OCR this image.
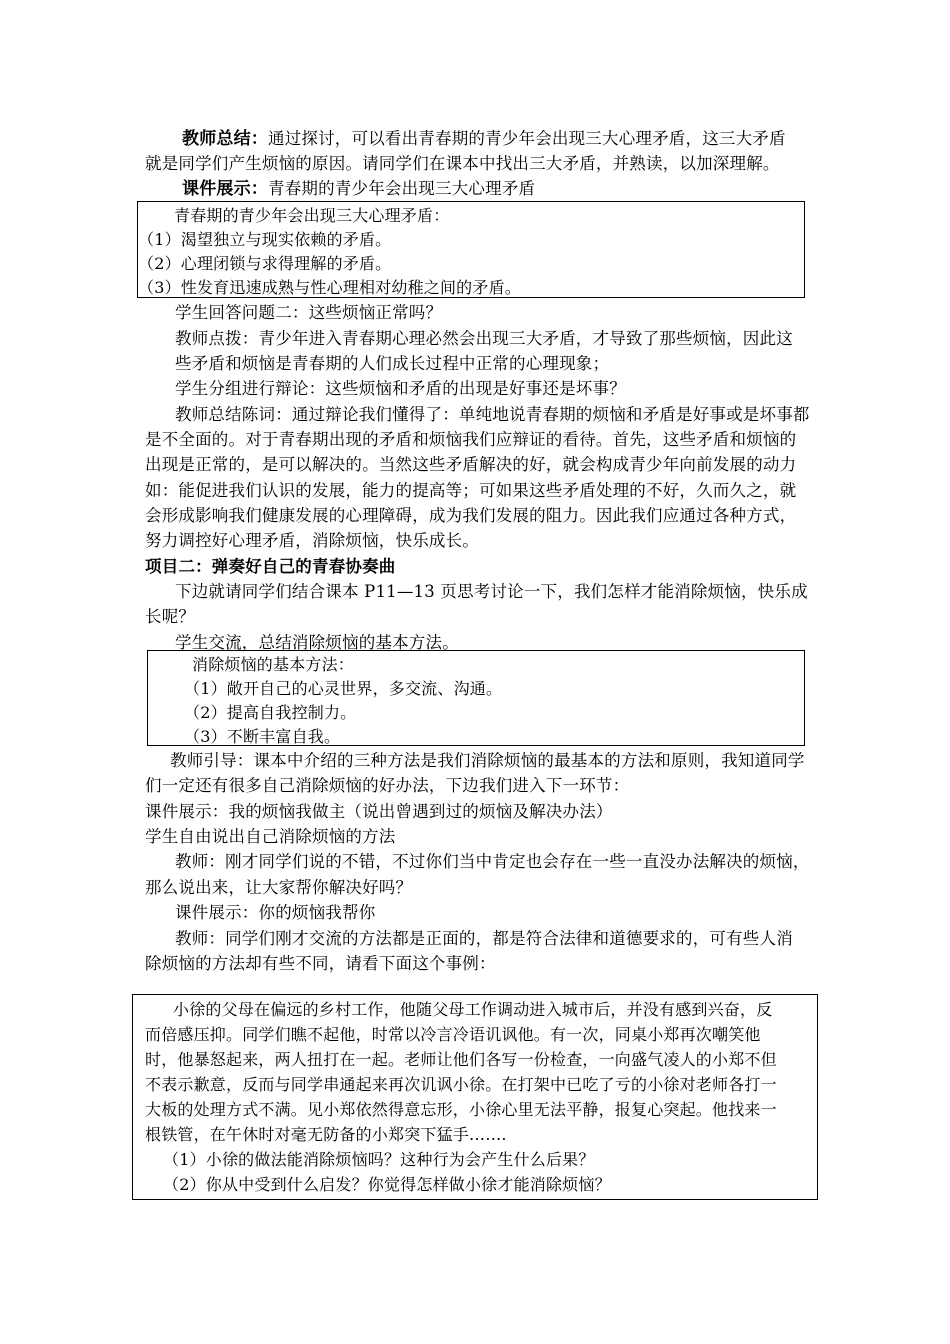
教师总结：通过探讨，可以看出青春期的青少年会出现三大心理矛盾，这三大矛盾
就是同学们产生烦恼的原因。请同学们在课本中找出三大矛盾，并熟读，以加深理解。
课件展示：青春期的青少年会出现三大心理矛盾
青春期的青少年会出现三大心理矛盾：
（1）渴望独立与现实依赖的矛盾。
（2）心理闭锁与求得理解的矛盾。
（3）性发育迅速成熟与性心理相对幼稚之间的矛盾。
学生回答问题二：这些烦恼正常吗？
教师点拨：青少年进入青春期心理必然会出现三大矛盾，才导致了那些烦恼，因此这
些矛盾和烦恼是青春期的人们成长过程中正常的心理现象；
学生分组进行辩论：这些烦恼和矛盾的出现是好事还是坏事？
教师总结陈词：通过辩论我们懂得了：单纯地说青春期的烦恼和矛盾是好事或是坏事都
是不全面的。对于青春期出现的矛盾和烦恼我们应辩证的看待。首先，这些矛盾和烦恼的
出现是正常的，是可以解决的。当然这些矛盾解决的好，就会构成青少年向前发展的动力
如：能促进我们认识的发展，能力的提高等；可如果这些矛盾处理的不好，久而久之，就
会形成影响我们健康发展的心理障碍，成为我们发展的阻力。因此我们应通过各种方式，
努力调控好心理矛盾，消除烦恼，快乐成长。
项目二：弹奏好自己的青春协奏曲
下边就请同学们结合课本 P11—13 页思考讨论一下，我们怎样才能消除烦恼，快乐成
长呢？
学生交流，总结消除烦恼的基本方法。
消除烦恼的基本方法：
（1）敞开自己的心灵世界，多交流、沟通。
（2）提高自我控制力。
（3）不断丰富自我。
教师引导：课本中介绍的三种方法是我们消除烦恼的最基本的方法和原则，我知道同学
们一定还有很多自己消除烦恼的好办法，下边我们进入下一环节：
课件展示：我的烦恼我做主（说出曾遇到过的烦恼及解决办法）
学生自由说出自己消除烦恼的方法
教师：刚才同学们说的不错，不过你们当中肯定也会存在一些一直没办法解决的烦恼，
那么说出来，让大家帮你解决好吗？
课件展示：你的烦恼我帮你
教师：同学们刚才交流的方法都是正面的，都是符合法律和道德要求的，可有些人消
除烦恼的方法却有些不同，请看下面这个事例：
小徐的父母在偏远的乡村工作，他随父母工作调动进入城市后，并没有感到兴奋，反
而倍感压抑。同学们瞧不起他，时常以冷言冷语讥讽他。有一次，同桌小郑再次嘲笑他
时，他暴怒起来，两人扭打在一起。老师让他们各写一份检查，一向盛气凌人的小郑不但
不表示歉意，反而与同学串通起来再次讥讽小徐。在打架中已吃了亏的小徐对老师各打一
大板的处理方式不满。见小郑依然得意忘形，小徐心里无法平静，报复心突起。他找来一
根铁管，在午休时对毫无防备的小郑突下猛手…….
（1）小徐的做法能消除烦恼吗？这种行为会产生什么后果？
（2）你从中受到什么启发？你觉得怎样做小徐才能消除烦恼？
